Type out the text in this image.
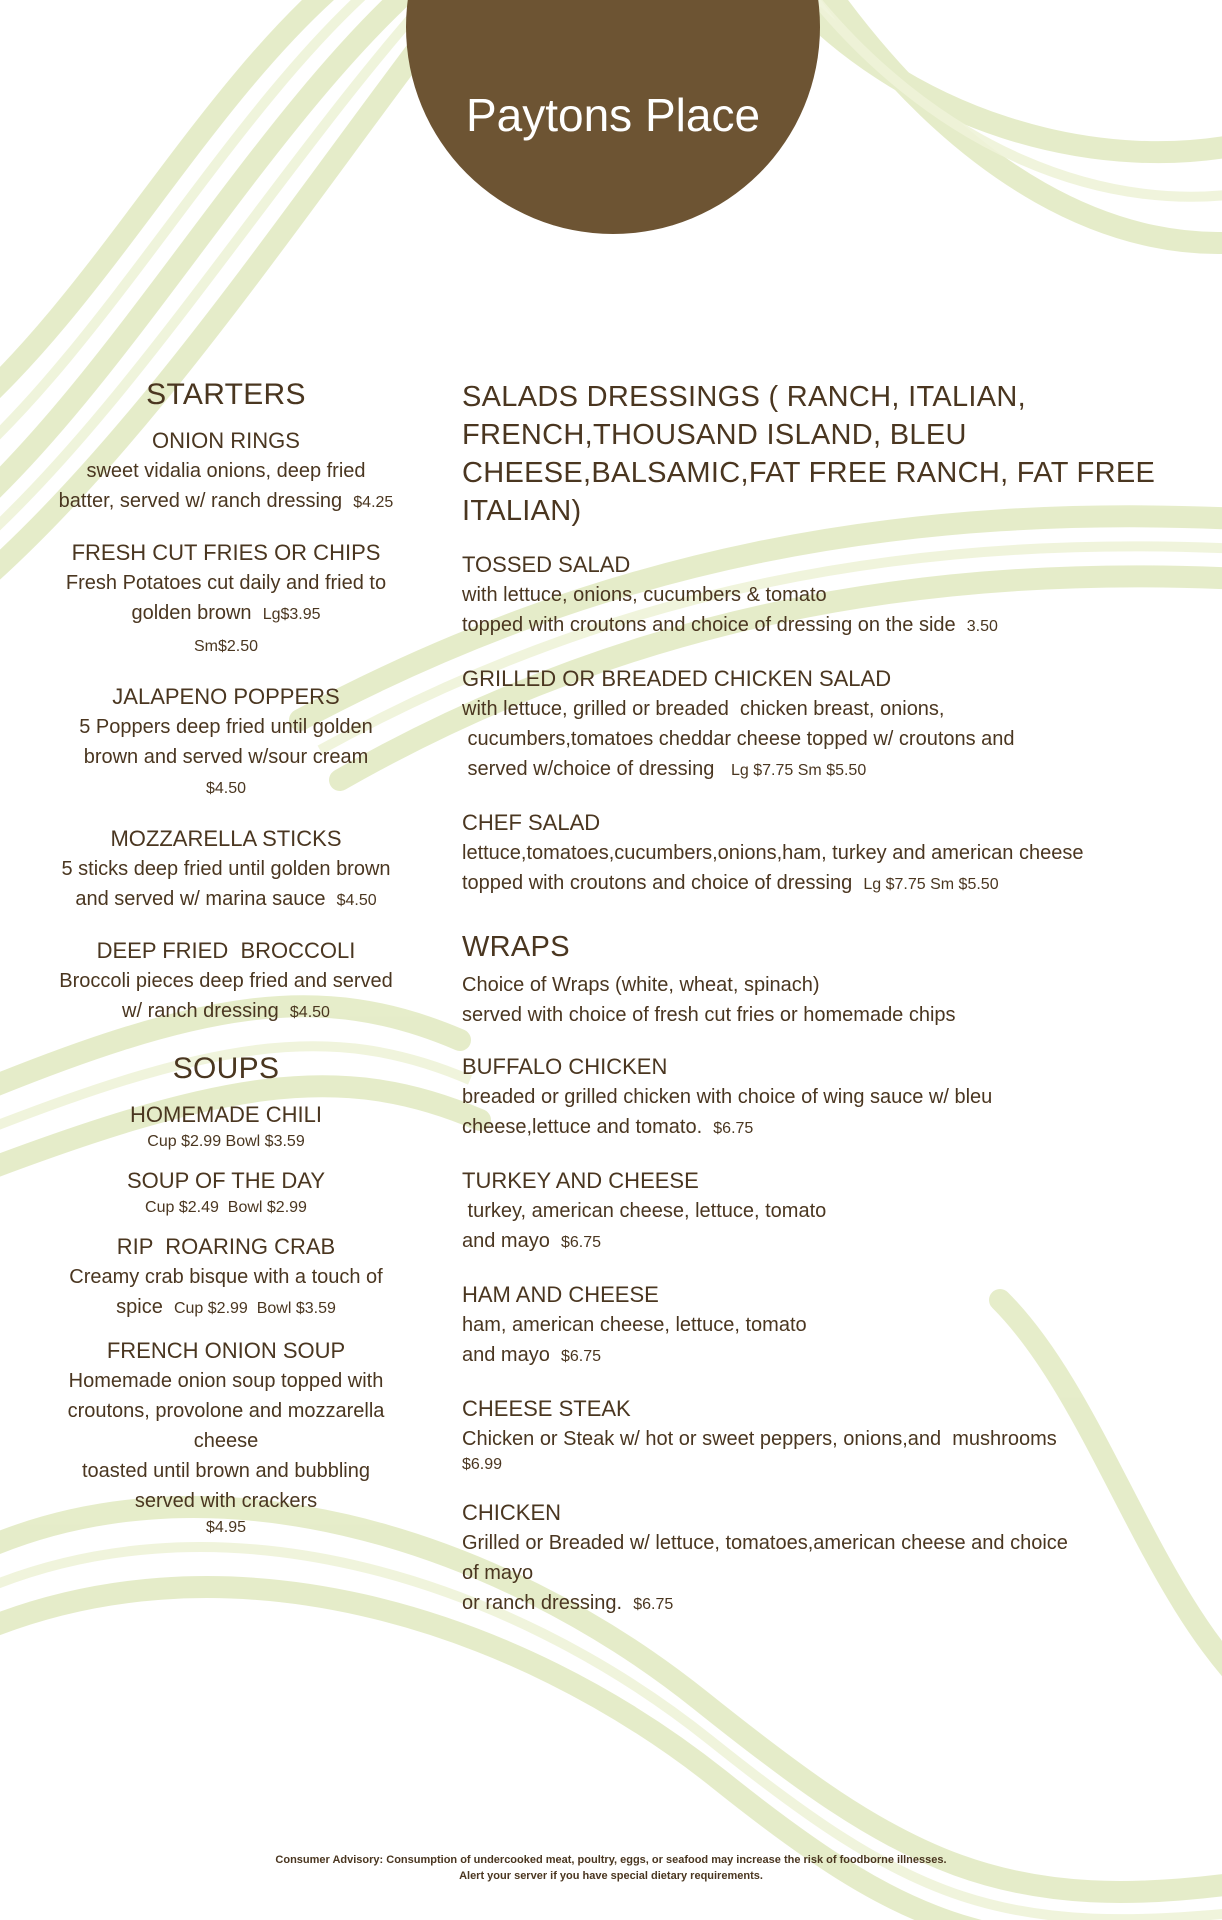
Paytons Place
STARTERS
ONION RINGS
sweet vidalia onions, deep fried batter, served w/ ranch dressing $4.25
FRESH CUT FRIES OR CHIPS
Fresh Potatoes cut daily and fried to golden brown Lg$3.95
Sm$2.50
JALAPENO POPPERS
5 Poppers deep fried until golden brown and served w/sour cream
$4.50
MOZZARELLA STICKS
5 sticks deep fried until golden brown and served w/ marina sauce $4.50
DEEP FRIED  BROCCOLI
Broccoli pieces deep fried and served w/ ranch dressing $4.50
SOUPS
HOMEMADE CHILI
Cup $2.99 Bowl $3.59
SOUP OF THE DAY
Cup $2.49  Bowl $2.99
RIP  ROARING CRAB
Creamy crab bisque with a touch of spice Cup $2.99  Bowl $3.59
FRENCH ONION SOUP
Homemade onion soup topped with croutons, provolone and mozzarella cheese
toasted until brown and bubbling served with crackers
$4.95
SALADS DRESSINGS ( RANCH, ITALIAN, FRENCH,THOUSAND ISLAND, BLEU CHEESE,BALSAMIC,FAT FREE RANCH, FAT FREE ITALIAN)
TOSSED SALAD
with lettuce, onions, cucumbers & tomato
topped with croutons and choice of dressing on the side 3.50
GRILLED OR BREADED CHICKEN SALAD
with lettuce, grilled or breaded  chicken breast, onions,
cucumbers,tomatoes cheddar cheese topped w/ croutons and
served w/choice of dressing Lg $7.75 Sm $5.50
CHEF SALAD
lettuce,tomatoes,cucumbers,onions,ham, turkey and american cheese
topped with croutons and choice of dressing Lg $7.75 Sm $5.50
WRAPS
Choice of Wraps (white, wheat, spinach)
served with choice of fresh cut fries or homemade chips
BUFFALO CHICKEN
breaded or grilled chicken with choice of wing sauce w/ bleu
cheese,lettuce and tomato. $6.75
TURKEY AND CHEESE
turkey, american cheese, lettuce, tomato
and mayo $6.75
HAM AND CHEESE
ham, american cheese, lettuce, tomato
and mayo $6.75
CHEESE STEAK
Chicken or Steak w/ hot or sweet peppers, onions,and  mushrooms
$6.99
CHICKEN
Grilled or Breaded w/ lettuce, tomatoes,american cheese and choice
of mayo
or ranch dressing. $6.75
Consumer Advisory: Consumption of undercooked meat, poultry, eggs, or seafood may increase the risk of foodborne illnesses.
Alert your server if you have special dietary requirements.
